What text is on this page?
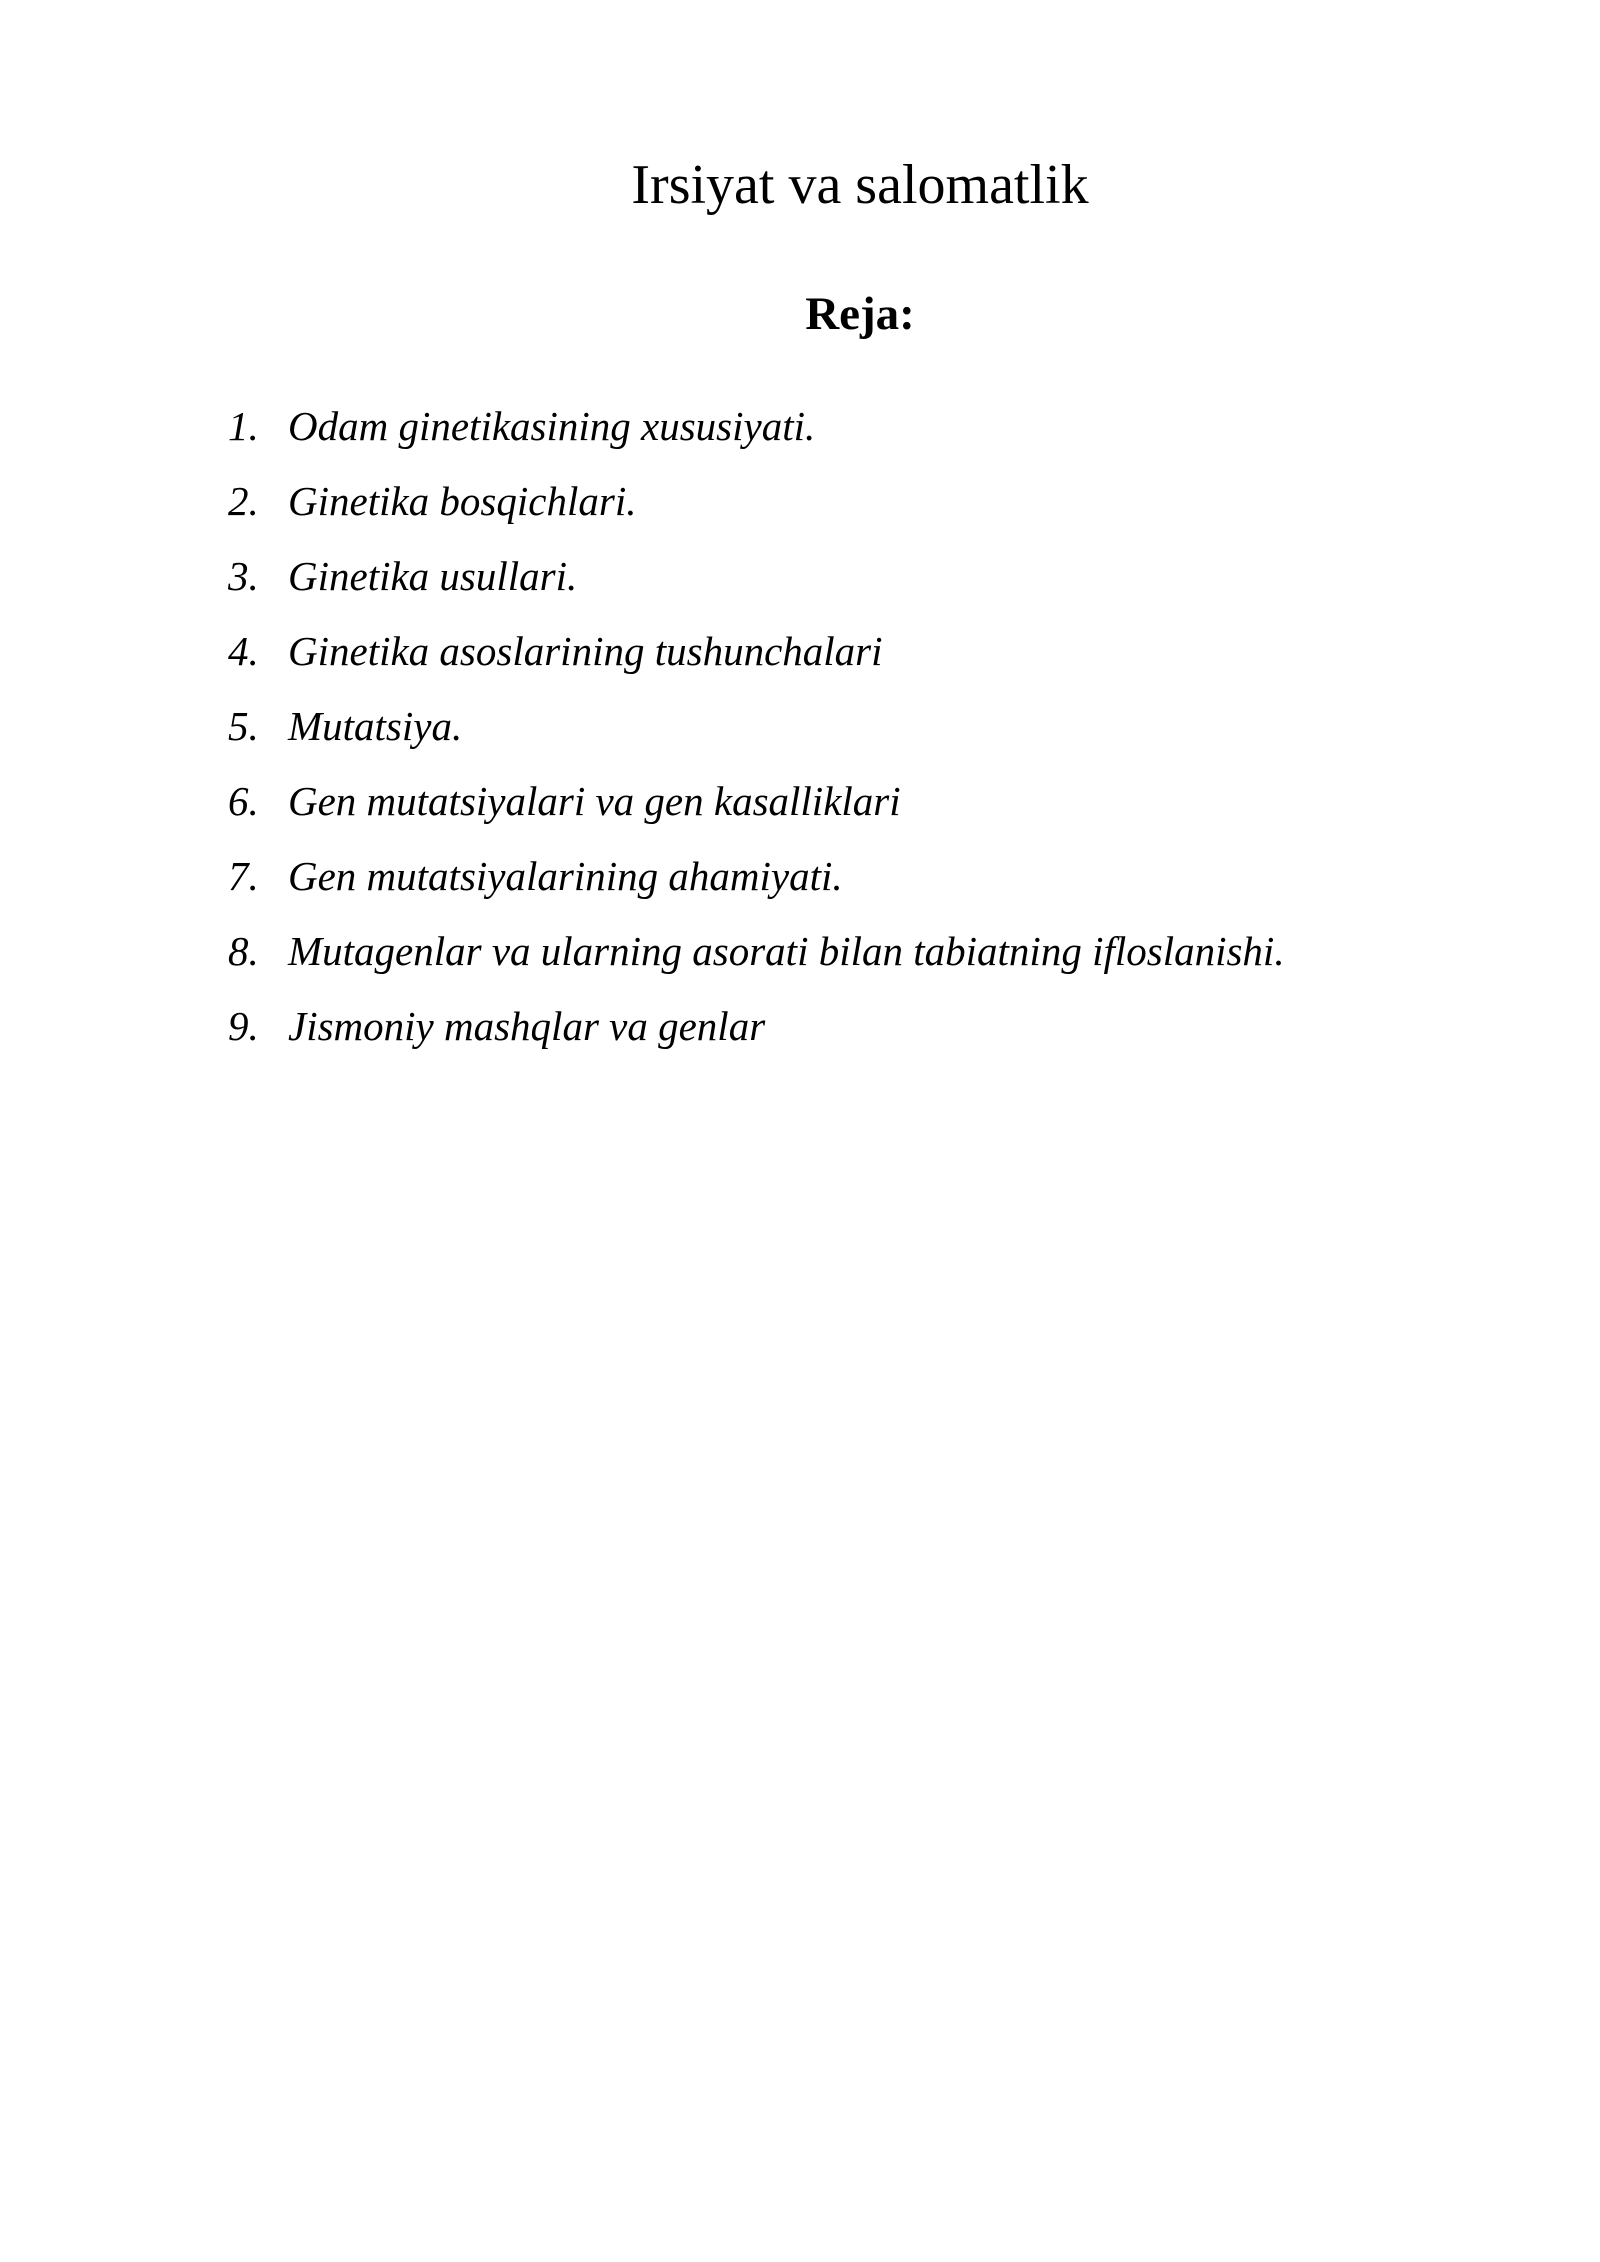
Irsiyat va salomatlik
Reja:
1. Odam ginetikasining xususiyati.
2. Ginetika bosqichlari.
3. Ginetika usullari.
4. Ginetika asoslarining tushunchalari
5. Mutatsiya.
6. Gen mutatsiyalari va gen kasalliklari
7. Gen mutatsiyalarining ahamiyati.
8. Mutagenlar va ularning asorati bilan tabiatning ifloslanishi.
9. Jismoniy mashqlar va genlar
